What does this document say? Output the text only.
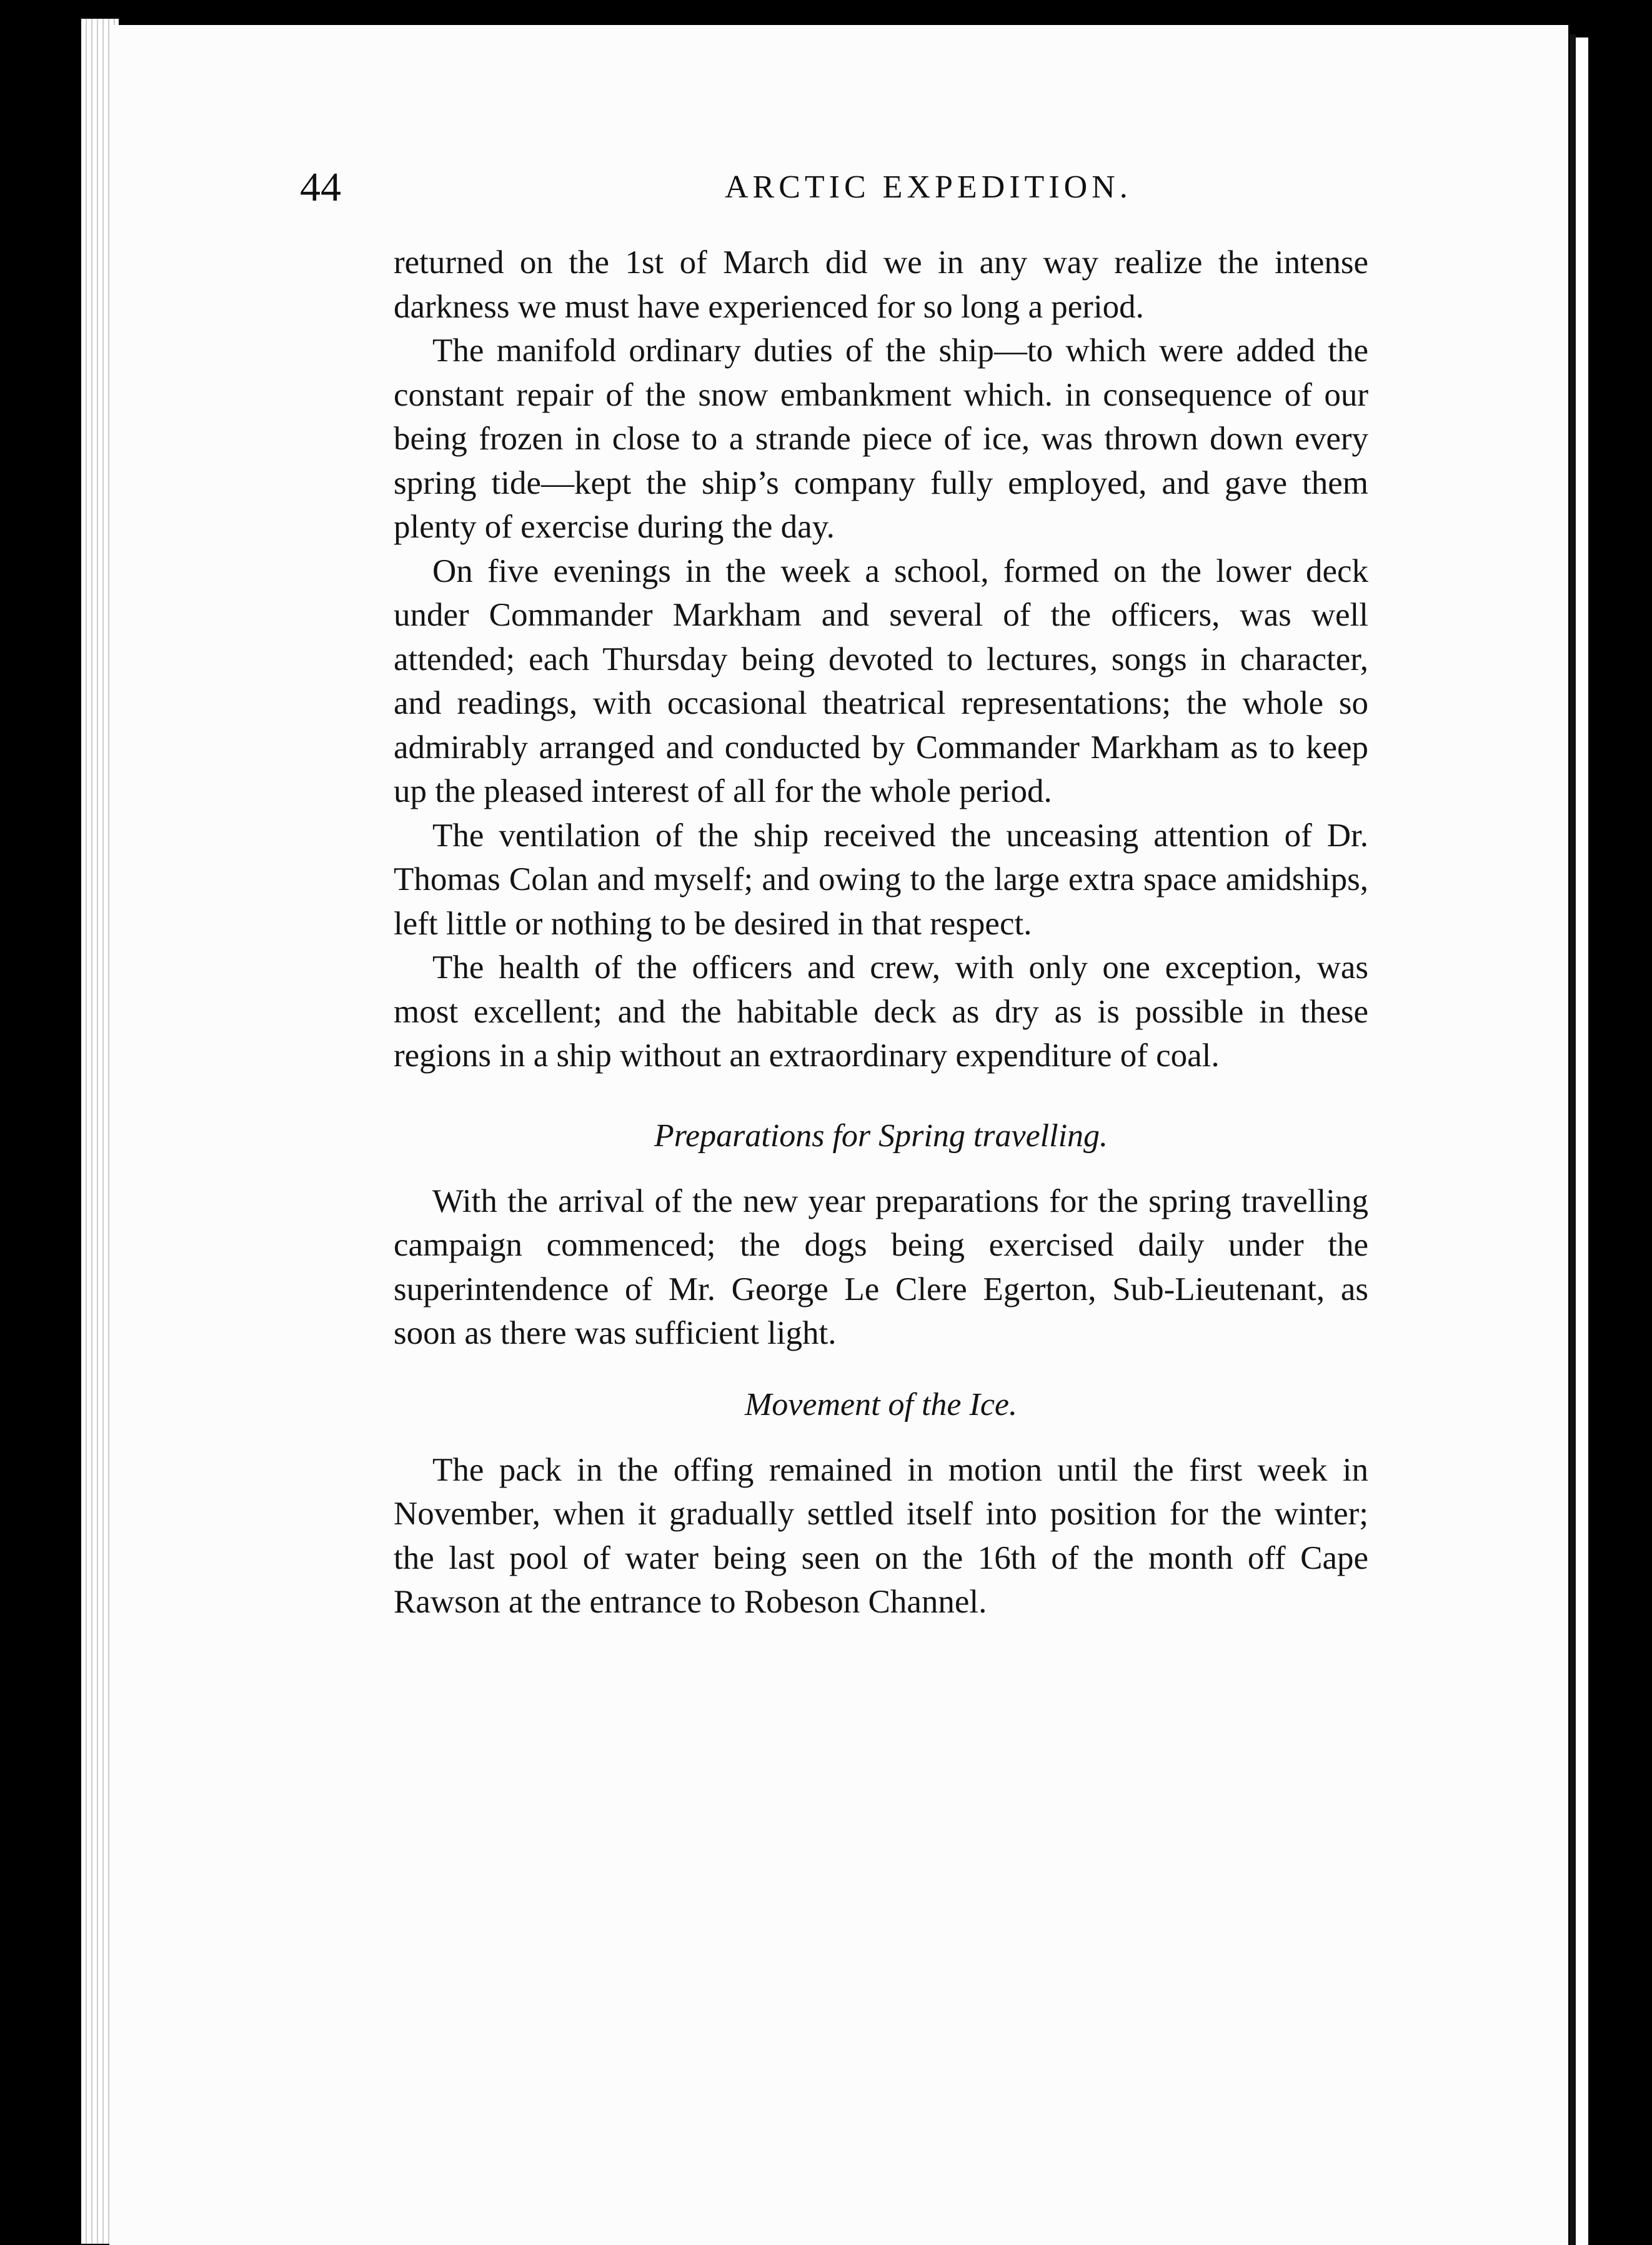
44	ARCTIC EXPEDITION.

returned on the 1st of March did we in any way realize the intense darkness we must have experienced for so long a period.

The manifold ordinary duties of the ship—to which were added the constant repair of the snow embankment which. in consequence of our being frozen in close to a strande piece of ice, was thrown down every spring tide—kept the ship’s company fully employed, and gave them plenty of exercise during the day.

On five evenings in the week a school, formed on the lower deck under Commander Markham and several of the officers, was well attended; each Thursday being devoted to lectures, songs in character, and readings, with occasional theatrical representations; the whole so admirably arranged and conducted by Commander Markham as to keep up the pleased interest of all for the whole period.

The ventilation of the ship received the unceasing attention of Dr. Thomas Colan and myself; and owing to the large extra space amidships, left little or nothing to be desired in that respect.

The health of the officers and crew, with only one exception, was most excellent; and the habitable deck as dry as is possible in these regions in a ship without an extraordinary expenditure of coal.

Preparations for Spring travelling.

With the arrival of the new year preparations for the spring travelling campaign commenced; the dogs being exercised daily under the superintendence of Mr. George Le Clere Egerton, Sub-Lieutenant, as soon as there was sufficient light.

Movement of the Ice.

The pack in the offing remained in motion until the first week in November, when it gradually settled itself into position for the winter; the last pool of water being seen on the 16th of the month off Cape Rawson at the entrance to Robeson Channel.
